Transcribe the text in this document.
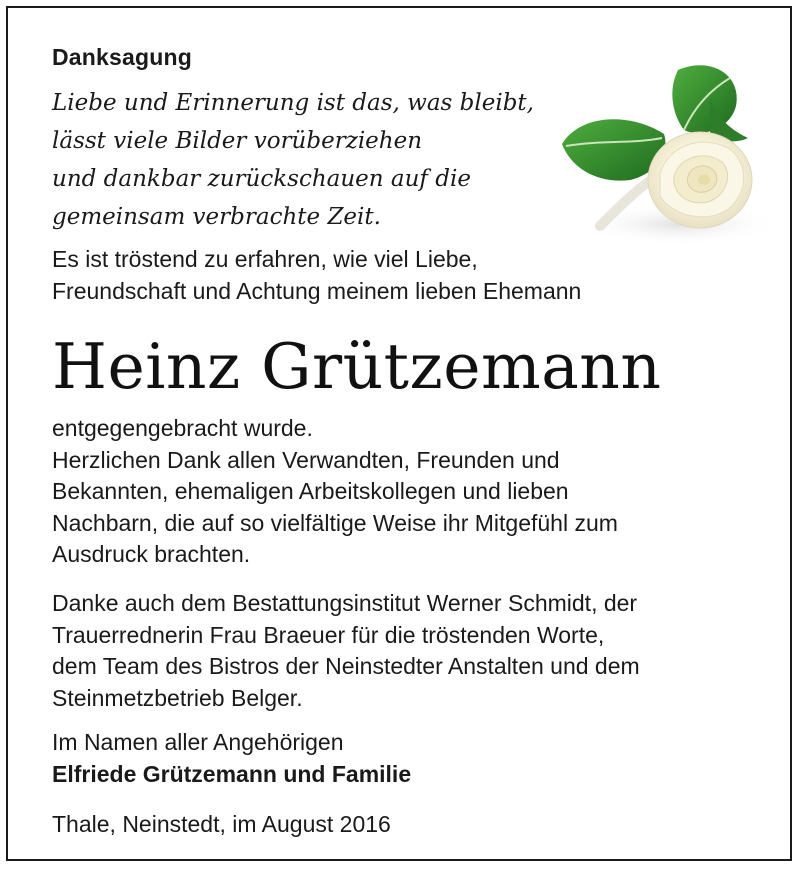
Danksagung
Liebe und Erinnerung ist das, was bleibt,
lässt viele Bilder vorüberziehen
und dankbar zurückschauen auf die
gemeinsam verbrachte Zeit.
Es ist tröstend zu erfahren, wie viel Liebe,
Freundschaft und Achtung meinem lieben Ehemann
Heinz Grützemann
entgegengebracht wurde.
Herzlichen Dank allen Verwandten, Freunden und
Bekannten, ehemaligen Arbeitskollegen und lieben
Nachbarn, die auf so vielfältige Weise ihr Mitgefühl zum
Ausdruck brachten.
Danke auch dem Bestattungsinstitut Werner Schmidt, der
Trauerrednerin Frau Braeuer für die tröstenden Worte,
dem Team des Bistros der Neinstedter Anstalten und dem
Steinmetzbetrieb Belger.
Im Namen aller Angehörigen
Elfriede Grützemann und Familie
Thale, Neinstedt, im August 2016
